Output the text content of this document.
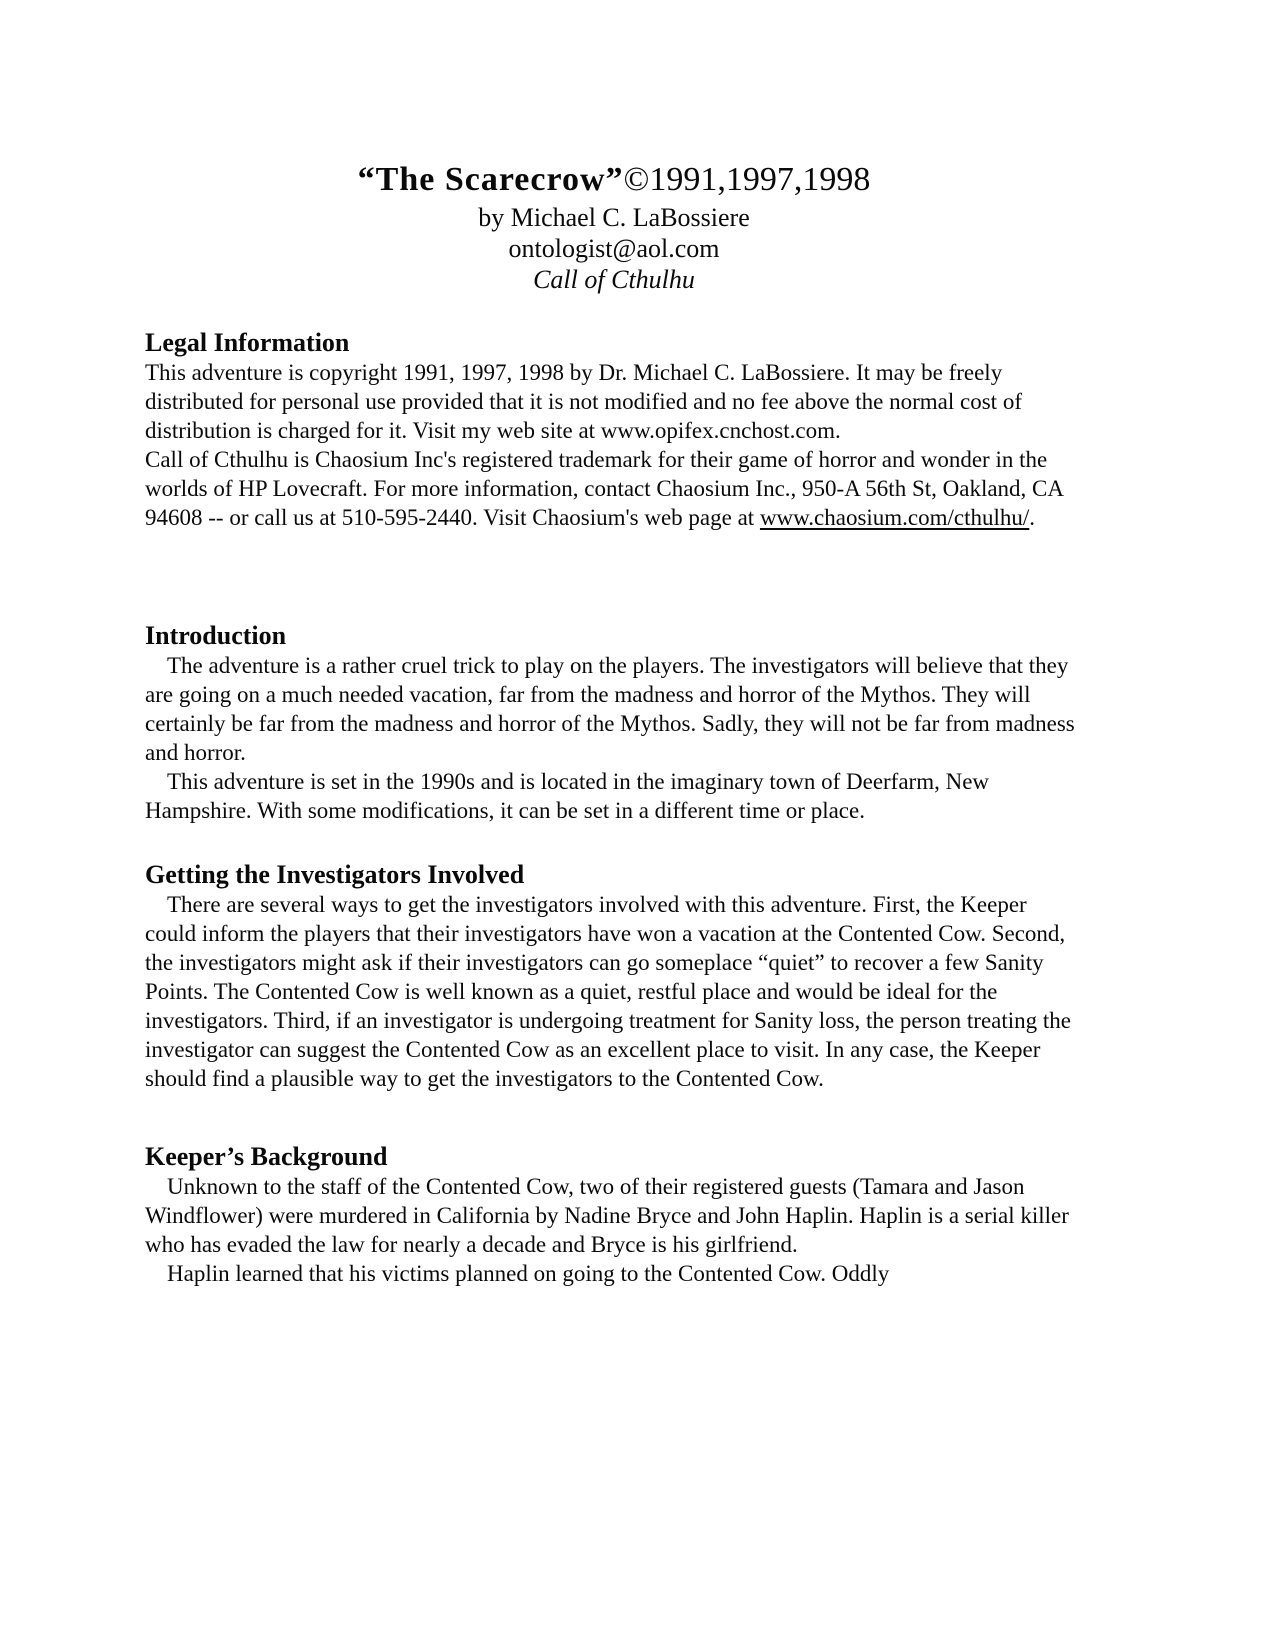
“The Scarecrow”©1991,1997,1998
by Michael C. LaBossiere
ontologist@aol.com
Call of Cthulhu
Legal Information

This adventure is copyright 1991, 1997, 1998 by Dr. Michael C. LaBossiere. It may be freely distributed for personal use provided that it is not modified and no fee above the normal cost of distribution is charged for it. Visit my web site at www.opifex.cnchost.com.

Call of Cthulhu is Chaosium Inc's registered trademark for their game of horror and wonder in the worlds of HP Lovecraft. For more information, contact Chaosium Inc., 950-A 56th St, Oakland, CA 94608 -- or call us at 510-595-2440. Visit Chaosium's web page at www.chaosium.com/cthulhu/.

Introduction

The adventure is a rather cruel trick to play on the players. The investigators will believe that they are going on a much needed vacation, far from the madness and horror of the Mythos. They will certainly be far from the madness and horror of the Mythos. Sadly, they will not be far from madness and horror.

This adventure is set in the 1990s and is located in the imaginary town of Deerfarm, New Hampshire. With some modifications, it can be set in a different time or place.

Getting the Investigators Involved

There are several ways to get the investigators involved with this adventure. First, the Keeper could inform the players that their investigators have won a vacation at the Contented Cow. Second, the investigators might ask if their investigators can go someplace “quiet” to recover a few Sanity Points. The Contented Cow is well known as a quiet, restful place and would be ideal for the investigators. Third, if an investigator is undergoing treatment for Sanity loss, the person treating the investigator can suggest the Contented Cow as an excellent place to visit. In any case, the Keeper should find a plausible way to get the investigators to the Contented Cow.

Keeper’s Background

Unknown to the staff of the Contented Cow, two of their registered guests (Tamara and Jason Windflower) were murdered in California by Nadine Bryce and John Haplin. Haplin is a serial killer who has evaded the law for nearly a decade and Bryce is his girlfriend.

Haplin learned that his victims planned on going to the Contented Cow. Oddly
